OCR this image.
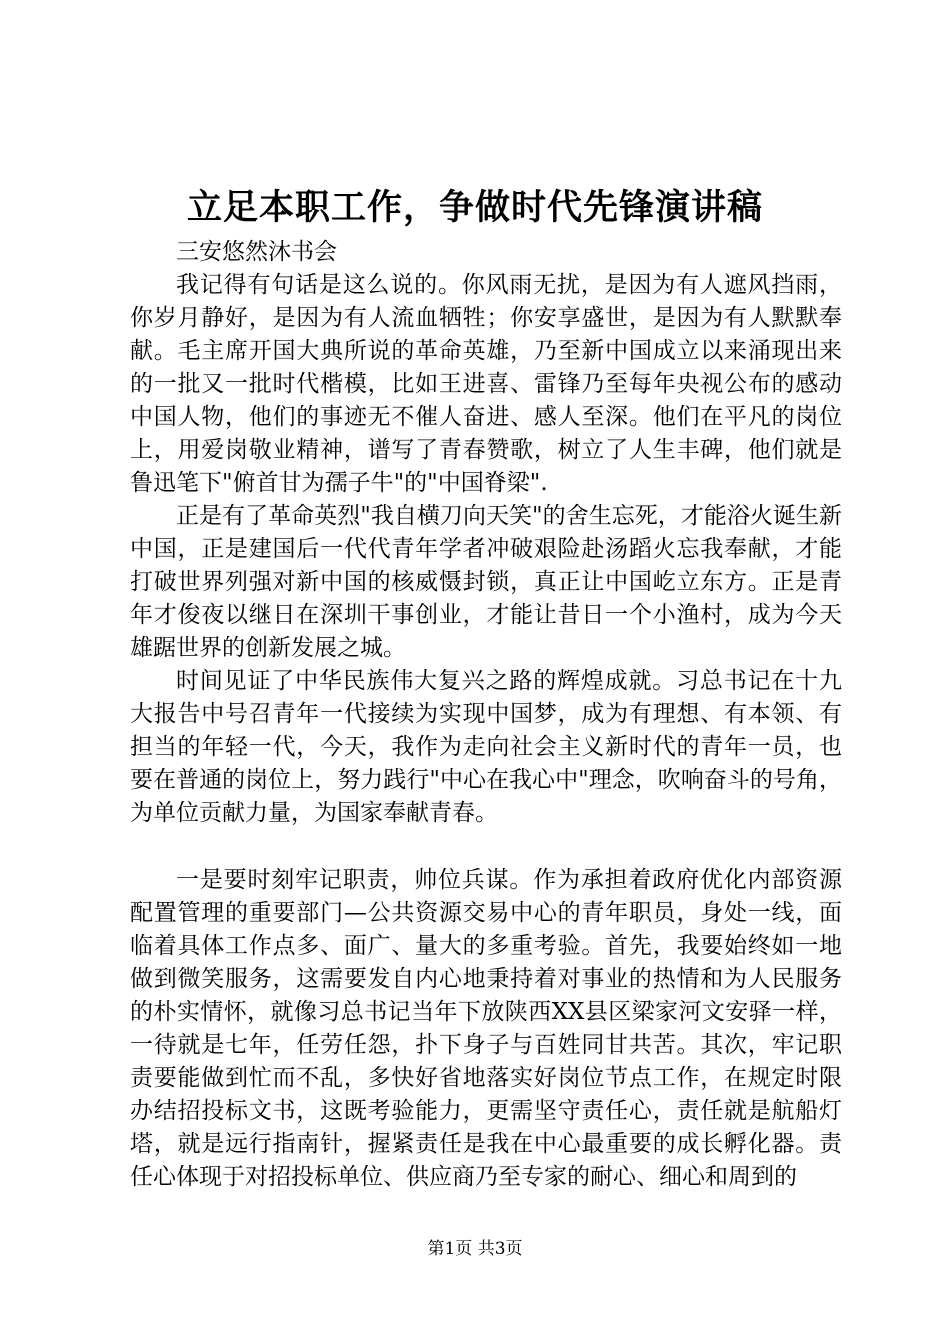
立足本职工作，争做时代先锋演讲稿

三安悠然沐书会

我记得有句话是这么说的。你风雨无扰，是因为有人遮风挡雨，你岁月静好，是因为有人流血牺牲；你安享盛世，是因为有人默默奉献。毛主席开国大典所说的革命英雄，乃至新中国成立以来涌现出来的一批又一批时代楷模，比如王进喜、雷锋乃至每年央视公布的感动中国人物，他们的事迹无不催人奋进、感人至深。他们在平凡的岗位上，用爱岗敬业精神，谱写了青春赞歌，树立了人生丰碑，他们就是鲁迅笔下"俯首甘为孺子牛"的"中国脊梁".

正是有了革命英烈"我自横刀向天笑"的舍生忘死，才能浴火诞生新中国，正是建国后一代代青年学者冲破艰险赴汤蹈火忘我奉献，才能打破世界列强对新中国的核威慑封锁，真正让中国屹立东方。正是青年才俊夜以继日在深圳干事创业，才能让昔日一个小渔村，成为今天雄踞世界的创新发展之城。

时间见证了中华民族伟大复兴之路的辉煌成就。习总书记在十九大报告中号召青年一代接续为实现中国梦，成为有理想、有本领、有担当的年轻一代，今天，我作为走向社会主义新时代的青年一员，也要在普通的岗位上，努力践行"中心在我心中"理念，吹响奋斗的号角，为单位贡献力量，为国家奉献青春。

一是要时刻牢记职责，帅位兵谋。作为承担着政府优化内部资源配置管理的重要部门—公共资源交易中心的青年职员，身处一线，面临着具体工作点多、面广、量大的多重考验。首先，我要始终如一地做到微笑服务，这需要发自内心地秉持着对事业的热情和为人民服务的朴实情怀，就像习总书记当年下放陕西XX县区梁家河文安驿一样，一待就是七年，任劳任怨，扑下身子与百姓同甘共苦。其次，牢记职责要能做到忙而不乱，多快好省地落实好岗位节点工作，在规定时限办结招投标文书，这既考验能力，更需坚守责任心，责任就是航船灯塔，就是远行指南针，握紧责任是我在中心最重要的成长孵化器。责任心体现于对招投标单位、供应商乃至专家的耐心、细心和周到的

第1页 共3页
